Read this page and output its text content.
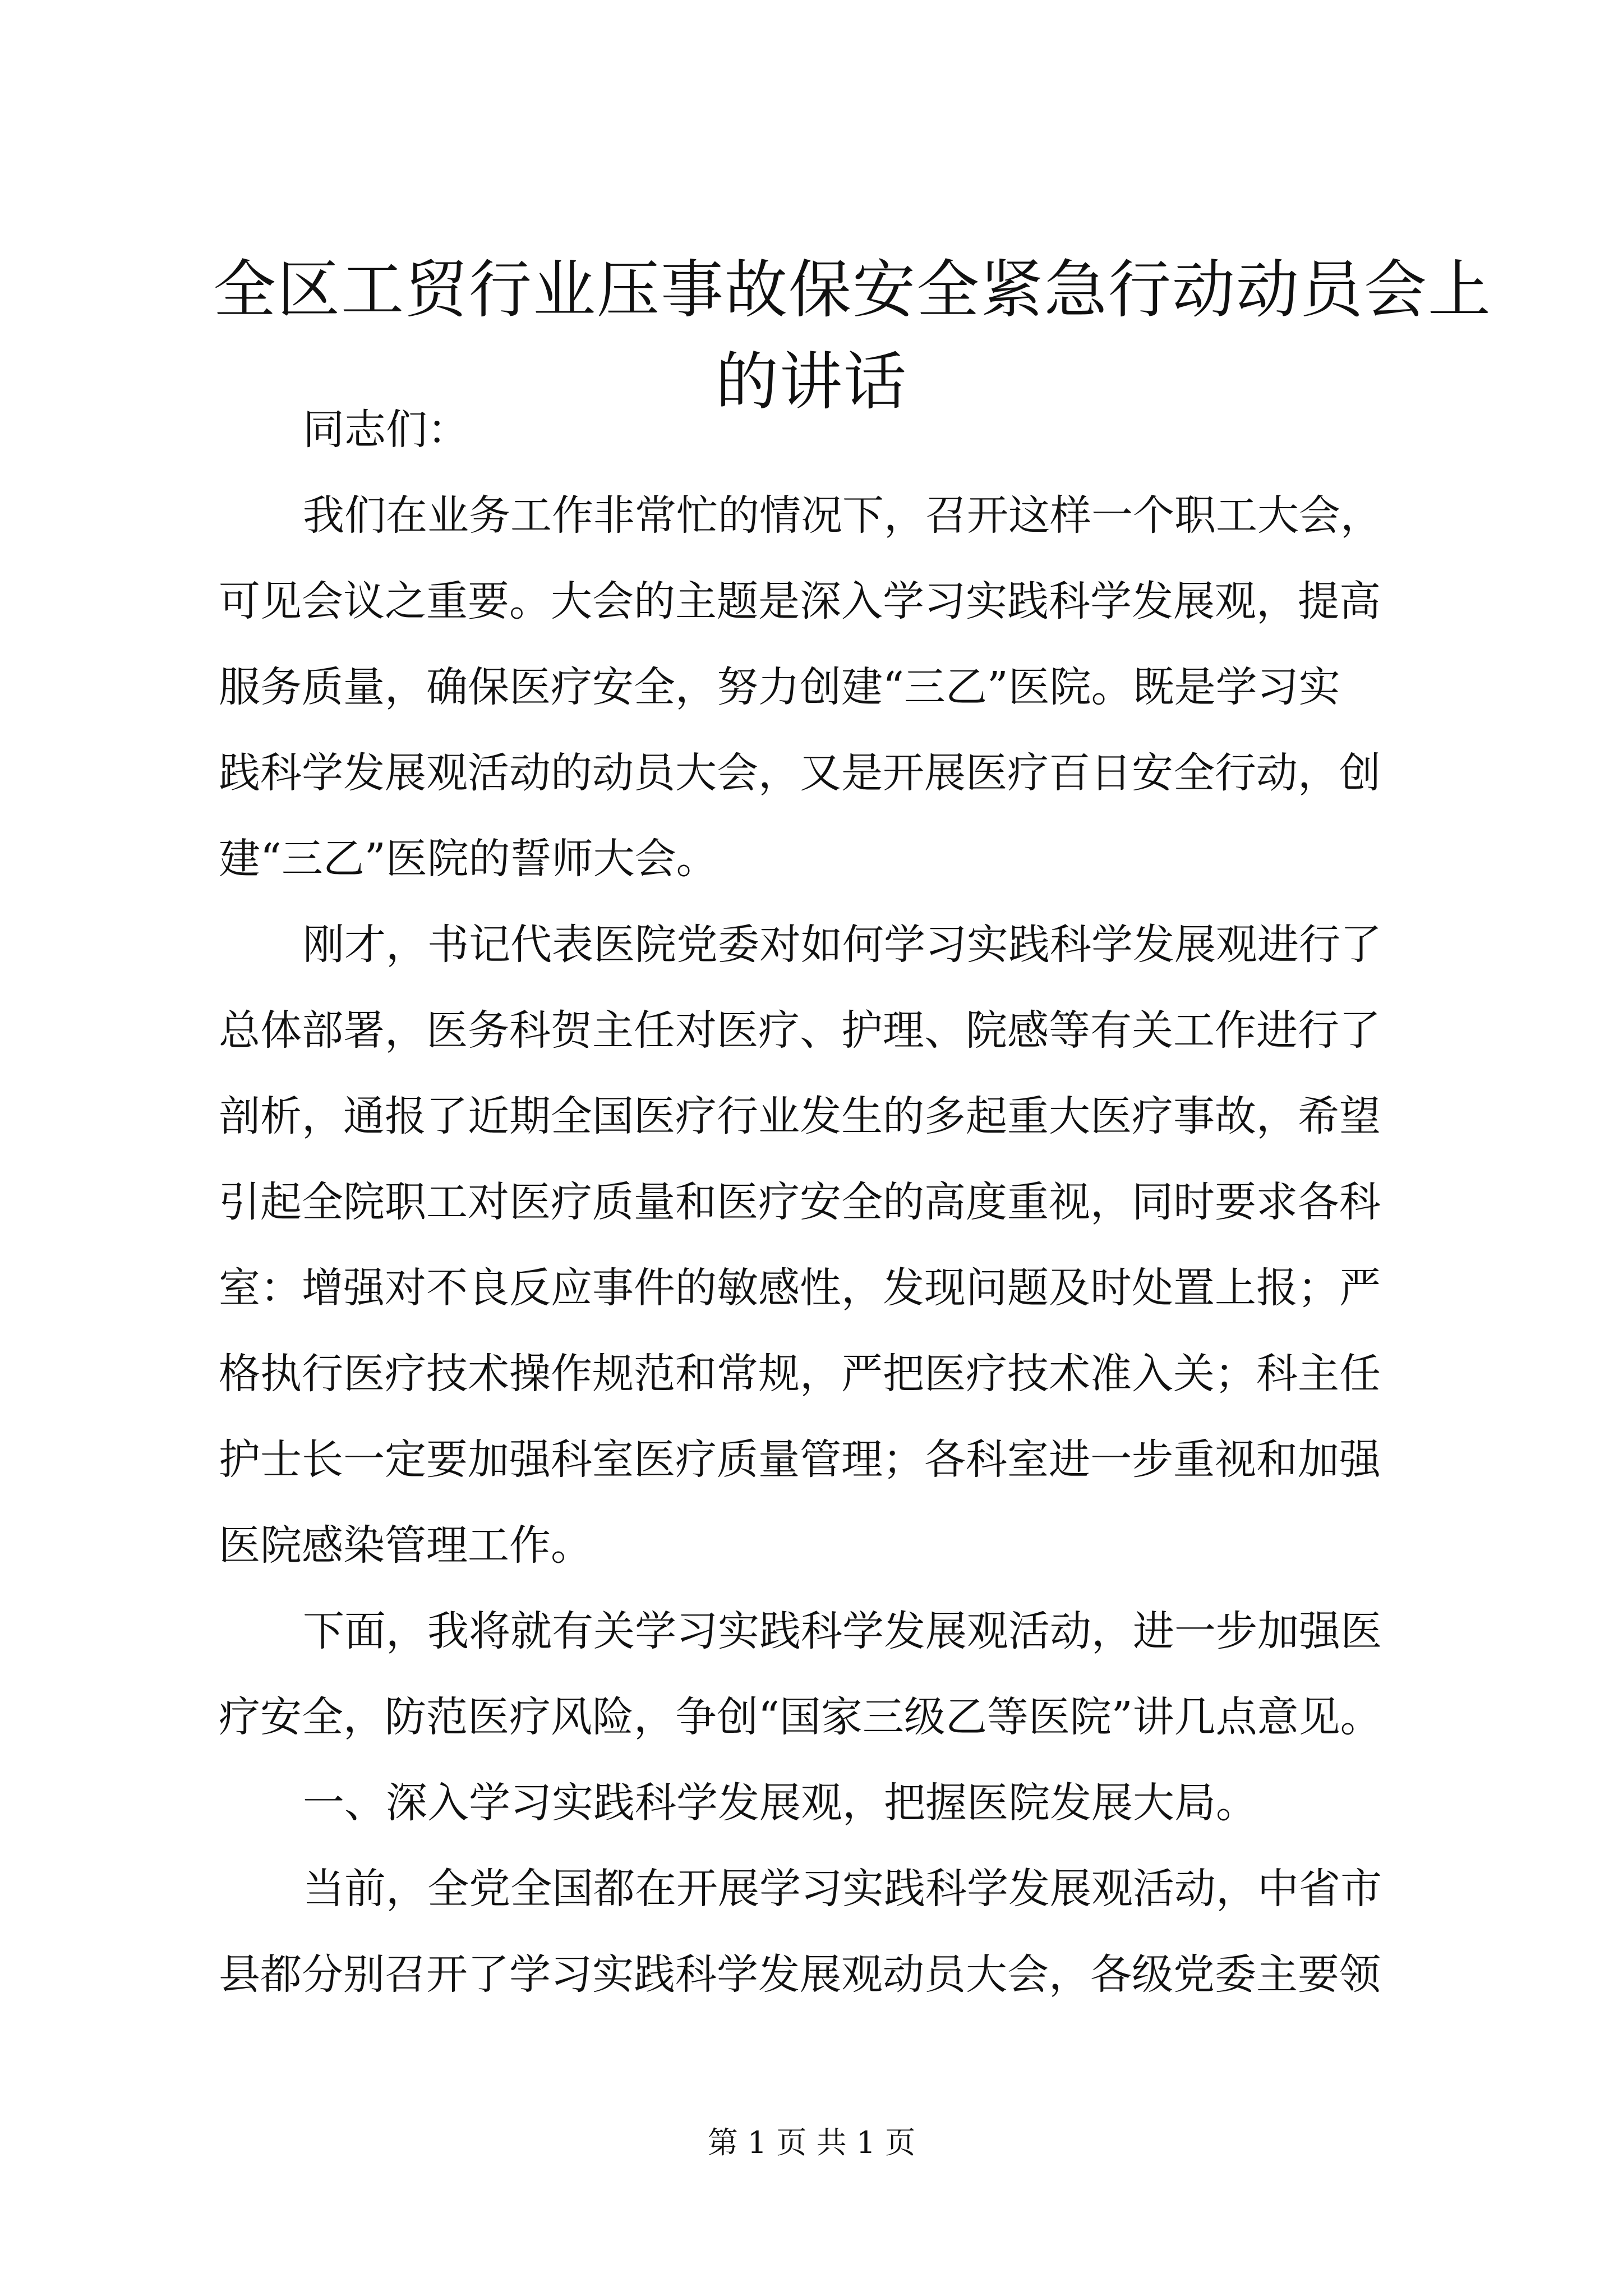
全区工贸行业压事故保安全紧急行动动员会上
的讲话

同志们：

我们在业务工作非常忙的情况下，召开这样一个职工大会，
可见会议之重要。大会的主题是深入学习实践科学发展观，提高
服务质量，确保医疗安全，努力创建“三乙”医院。既是学习实
践科学发展观活动的动员大会，又是开展医疗百日安全行动，创
建“三乙”医院的誓师大会。

刚才，书记代表医院党委对如何学习实践科学发展观进行了
总体部署，医务科贺主任对医疗、护理、院感等有关工作进行了
剖析，通报了近期全国医疗行业发生的多起重大医疗事故，希望
引起全院职工对医疗质量和医疗安全的高度重视，同时要求各科
室：增强对不良反应事件的敏感性，发现问题及时处置上报；严
格执行医疗技术操作规范和常规，严把医疗技术准入关；科主任
护士长一定要加强科室医疗质量管理；各科室进一步重视和加强
医院感染管理工作。

下面，我将就有关学习实践科学发展观活动，进一步加强医
疗安全，防范医疗风险，争创“国家三级乙等医院”讲几点意见。

一、深入学习实践科学发展观，把握医院发展大局。

当前，全党全国都在开展学习实践科学发展观活动，中省市
县都分别召开了学习实践科学发展观动员大会，各级党委主要领

第 1 页 共 1 页
